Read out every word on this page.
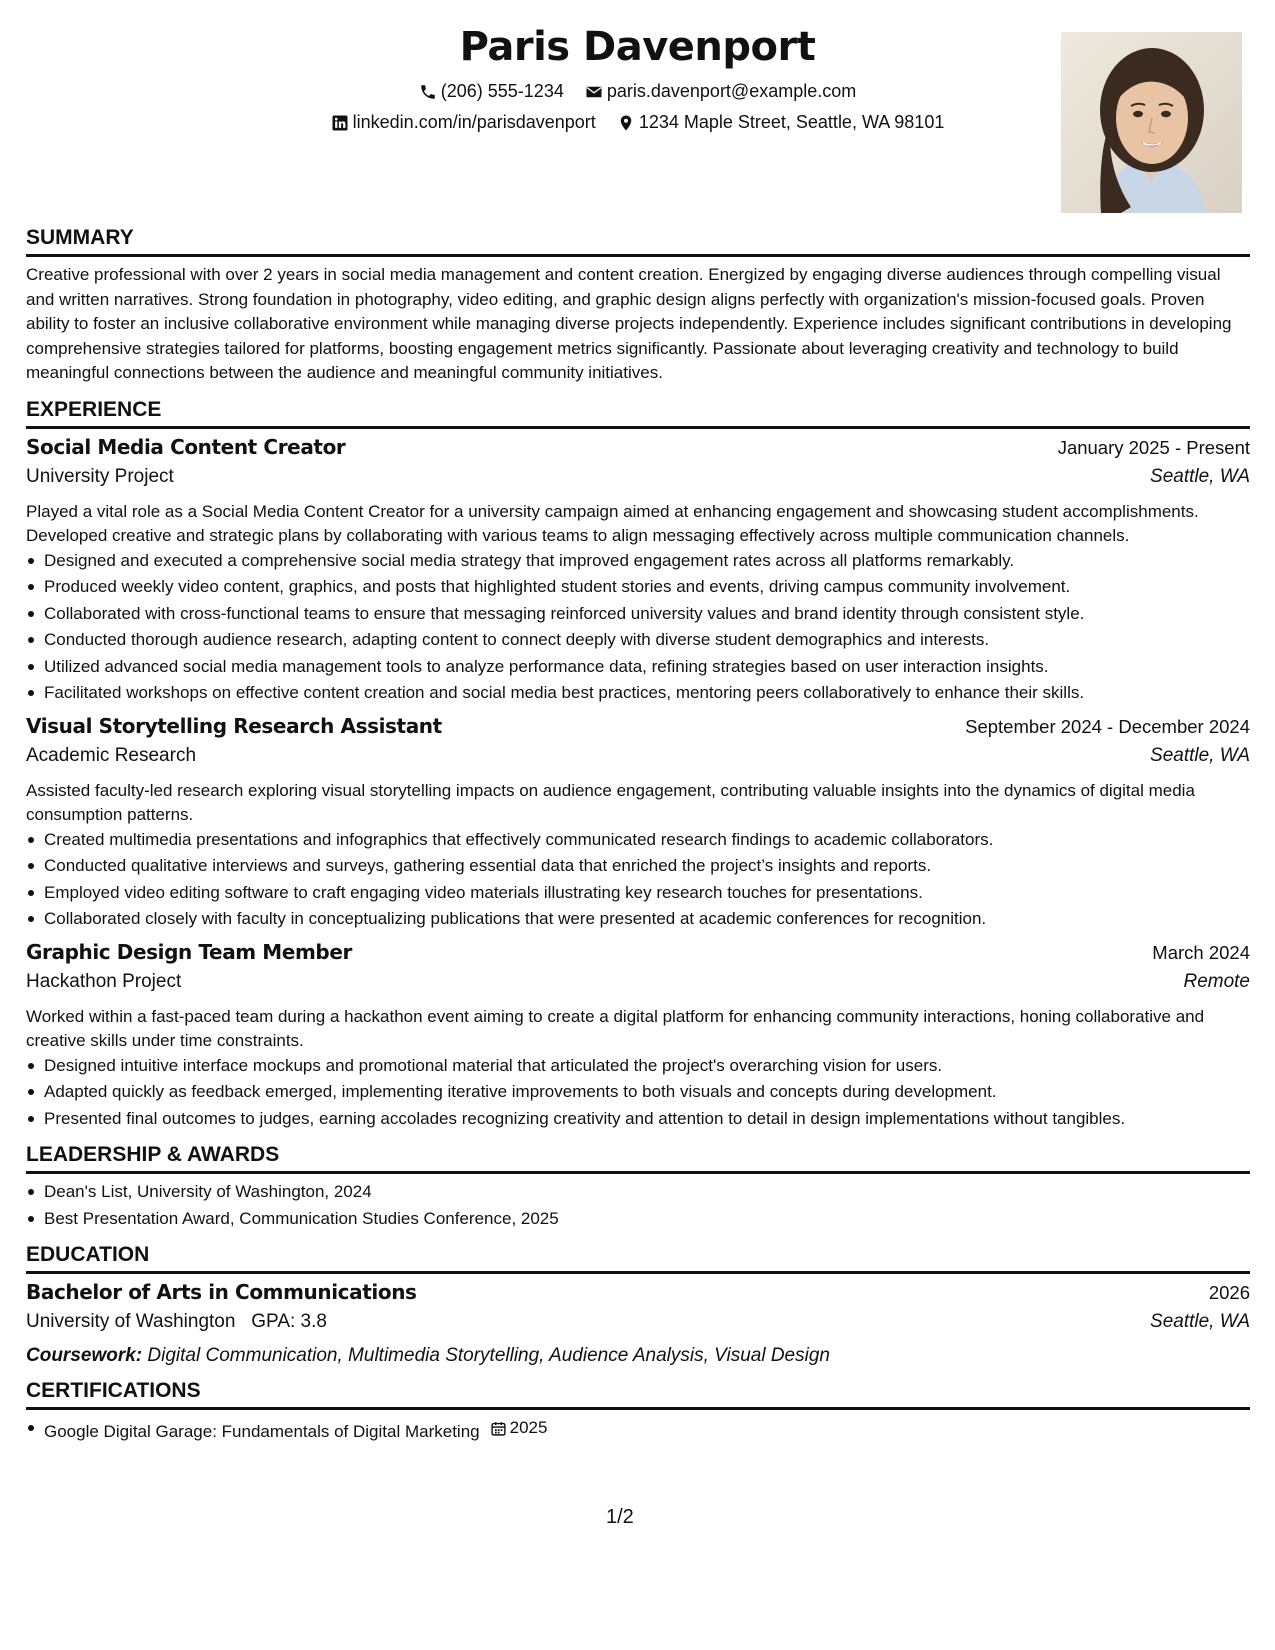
Paris Davenport
(206) 555-1234
paris.davenport@example.com
linkedin.com/in/parisdavenport
1234 Maple Street, Seattle, WA 98101
SUMMARY
Creative professional with over 2 years in social media management and content creation. Energized by engaging diverse audiences through compelling visual and written narratives. Strong foundation in photography, video editing, and graphic design aligns perfectly with organization's mission-focused goals. Proven ability to foster an inclusive collaborative environment while managing diverse projects independently. Experience includes significant contributions in developing comprehensive strategies tailored for platforms, boosting engagement metrics significantly. Passionate about leveraging creativity and technology to build meaningful connections between the audience and meaningful community initiatives.
EXPERIENCE
Social Media Content Creator	January 2025 - Present
University Project	Seattle, WA
Played a vital role as a Social Media Content Creator for a university campaign aimed at enhancing engagement and showcasing student accomplishments. Developed creative and strategic plans by collaborating with various teams to align messaging effectively across multiple communication channels.
Designed and executed a comprehensive social media strategy that improved engagement rates across all platforms remarkably.
Produced weekly video content, graphics, and posts that highlighted student stories and events, driving campus community involvement.
Collaborated with cross-functional teams to ensure that messaging reinforced university values and brand identity through consistent style.
Conducted thorough audience research, adapting content to connect deeply with diverse student demographics and interests.
Utilized advanced social media management tools to analyze performance data, refining strategies based on user interaction insights.
Facilitated workshops on effective content creation and social media best practices, mentoring peers collaboratively to enhance their skills.
Visual Storytelling Research Assistant	September 2024 - December 2024
Academic Research	Seattle, WA
Assisted faculty-led research exploring visual storytelling impacts on audience engagement, contributing valuable insights into the dynamics of digital media consumption patterns.
Created multimedia presentations and infographics that effectively communicated research findings to academic collaborators.
Conducted qualitative interviews and surveys, gathering essential data that enriched the project’s insights and reports.
Employed video editing software to craft engaging video materials illustrating key research touches for presentations.
Collaborated closely with faculty in conceptualizing publications that were presented at academic conferences for recognition.
Graphic Design Team Member	March 2024
Hackathon Project	Remote
Worked within a fast-paced team during a hackathon event aiming to create a digital platform for enhancing community interactions, honing collaborative and creative skills under time constraints.
Designed intuitive interface mockups and promotional material that articulated the project's overarching vision for users.
Adapted quickly as feedback emerged, implementing iterative improvements to both visuals and concepts during development.
Presented final outcomes to judges, earning accolades recognizing creativity and attention to detail in design implementations without tangibles.
LEADERSHIP & AWARDS
Dean's List, University of Washington, 2024
Best Presentation Award, Communication Studies Conference, 2025
EDUCATION
Bachelor of Arts in Communications	2026
University of Washington GPA: 3.8	Seattle, WA
Coursework: Digital Communication, Multimedia Storytelling, Audience Analysis, Visual Design
CERTIFICATIONS
Google Digital Garage: Fundamentals of Digital Marketing 2025
1/2
